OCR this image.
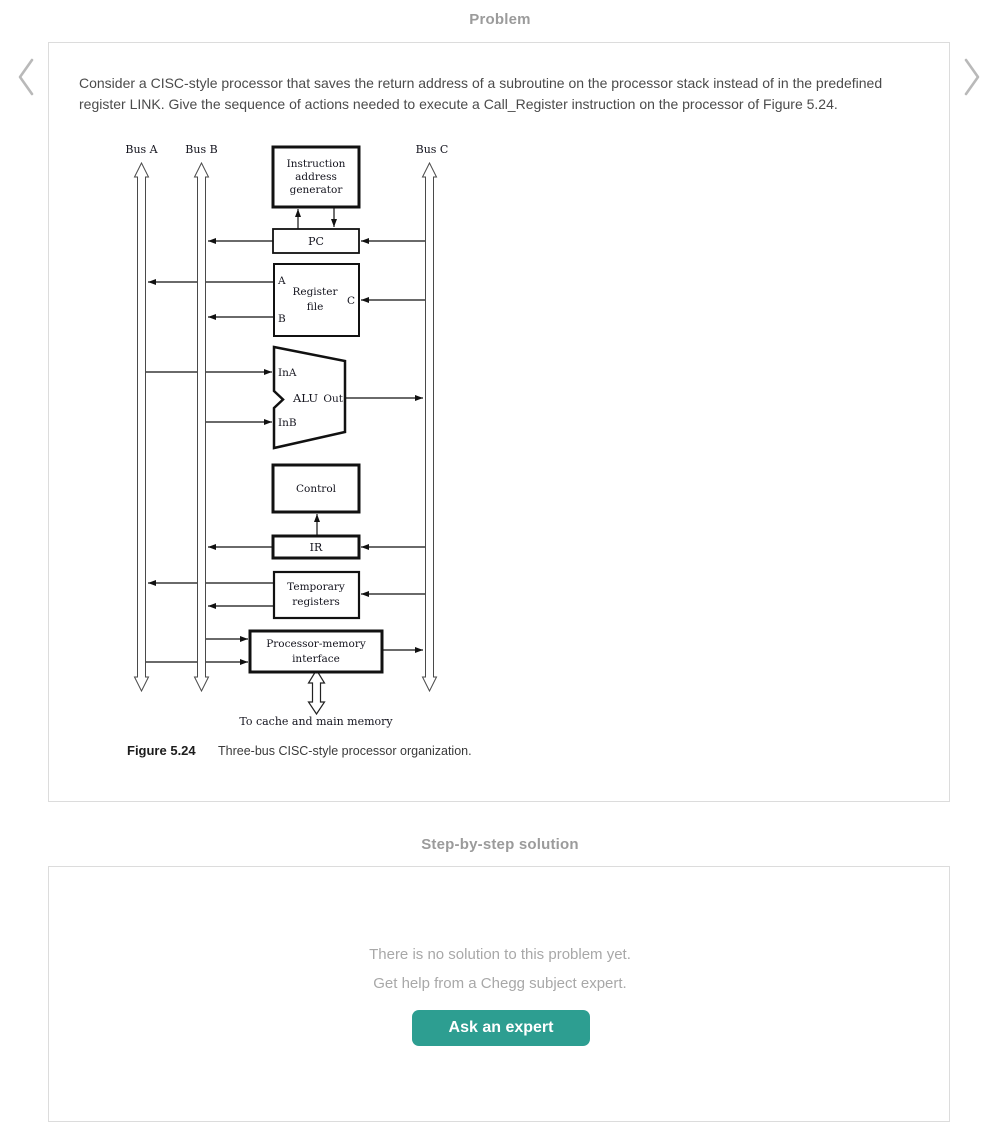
Problem
Consider a CISC-style processor that saves the return address of a subroutine on the processor stack instead of in the predefined
register LINK. Give the sequence of actions needed to execute a Call_Register instruction on the processor of Figure 5.24.
Bus A	Bus B	Bus C
Instruction
address
generator
PC
A
B
C
Register
file
InA
InB
ALU Out
Control
IR
Temporary
registers
Processor-memory
interface
To cache and main memory
Figure 5.24 Three-bus CISC-style processor organization.
Step-by-step solution
There is no solution to this problem yet.
Get help from a Chegg subject expert.
Ask an expert
